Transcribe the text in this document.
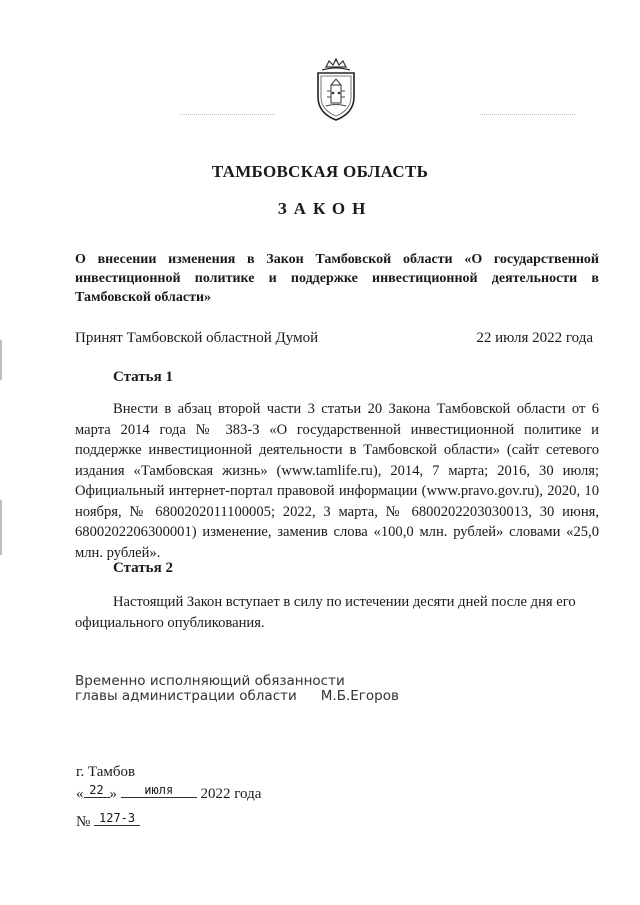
ТАМБОВСКАЯ ОБЛАСТЬ
ЗАКОН
О внесении изменения в Закон Тамбовской области «О государственной инвестиционной политике и поддержке инвестиционной деятельности в Тамбовской области»
Принят Тамбовской областной Думой	22 июля 2022 года
Статья 1
Внести в абзац второй части 3 статьи 20 Закона Тамбовской области от 6 марта 2014 года № 383-З «О государственной инвестиционной политике и поддержке инвестиционной деятельности в Тамбовской области» (сайт сетевого издания «Тамбовская жизнь» (www.tamlife.ru), 2014, 7 марта; 2016, 30 июля; Официальный интернет-портал правовой информации (www.pravo.gov.ru), 2020, 10 ноября, № 6800202011100005; 2022, 3 марта, № 6800202203030013, 30 июня, 6800202206300001) изменение, заменив слова «100,0 млн. рублей» словами «25,0 млн. рублей».
Статья 2
Настоящий Закон вступает в силу по истечении десяти дней после дня его официального опубликования.
Временно исполняющий обязанности
главы администрации области М.Б.Егоров
г. Тамбов
« 22 » июля 2022 года
№ 127-З
